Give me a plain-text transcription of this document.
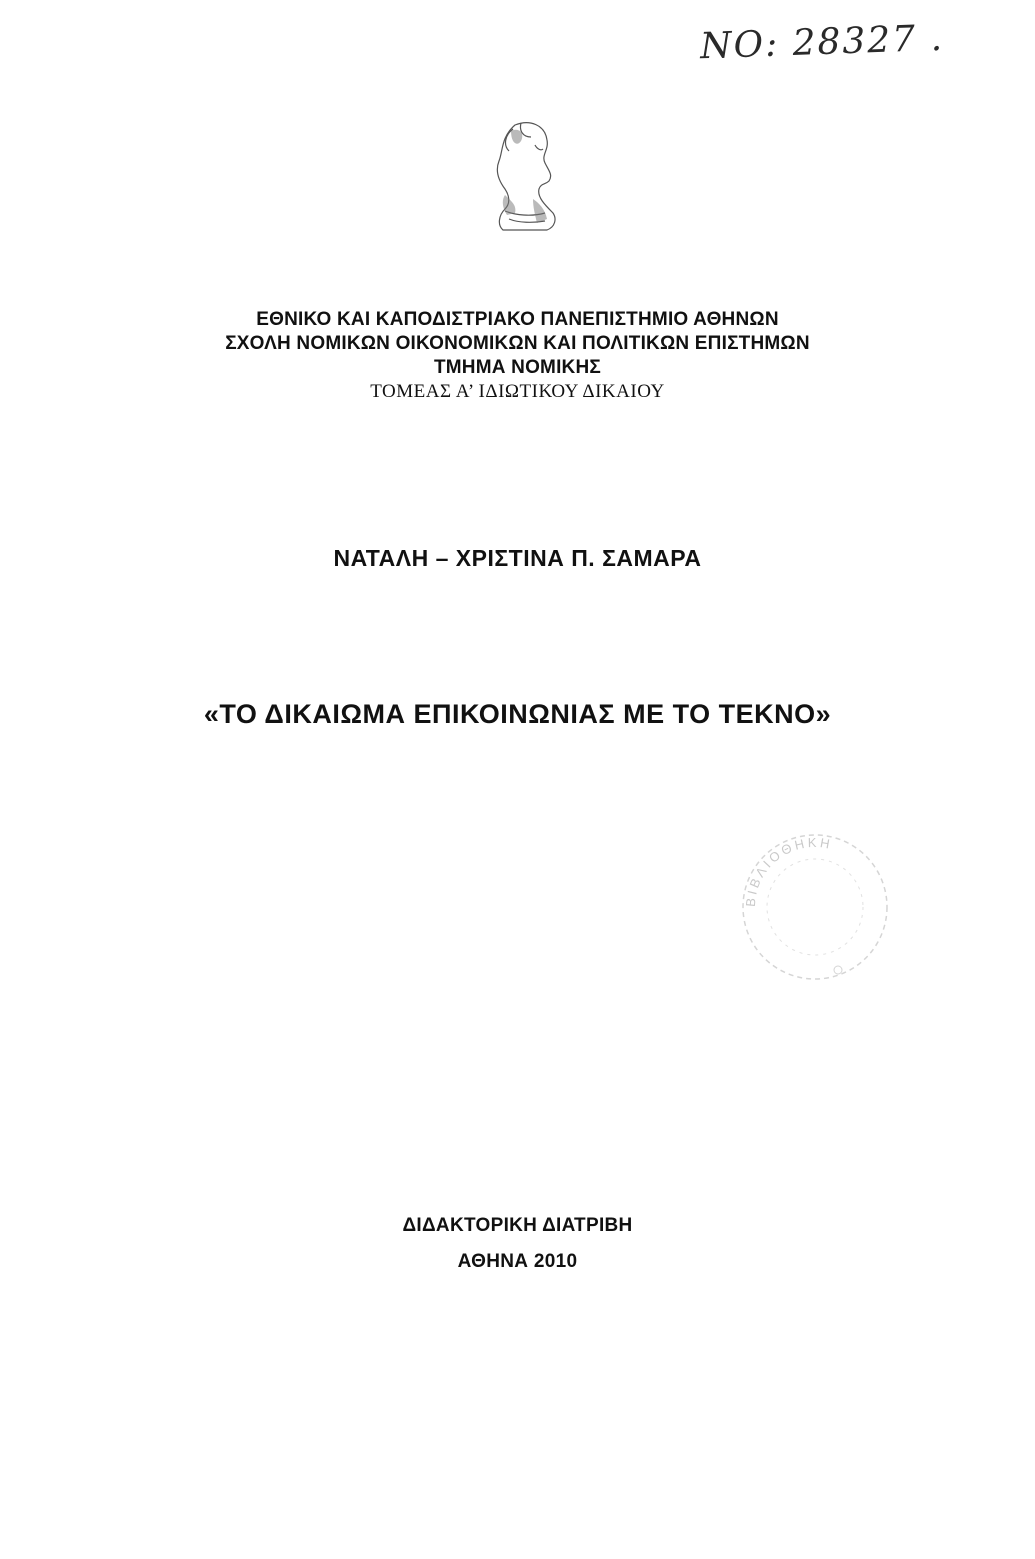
NO: 28327 .
ΕΘΝΙΚΟ ΚΑΙ ΚΑΠΟΔΙΣΤΡΙΑΚΟ ΠΑΝΕΠΙΣΤΗΜΙΟ ΑΘΗΝΩΝ
ΣΧΟΛΗ ΝΟΜΙΚΩΝ ΟΙΚΟΝΟΜΙΚΩΝ ΚΑΙ ΠΟΛΙΤΙΚΩΝ ΕΠΙΣΤΗΜΩΝ
ΤΜΗΜΑ ΝΟΜΙΚΗΣ
ΤΟΜΕΑΣ Α’ ΙΔΙΩΤΙΚΟΥ ΔΙΚΑΙΟΥ
ΝΑΤΑΛΗ – ΧΡΙΣΤΙΝΑ Π. ΣΑΜΑΡΑ
«ΤΟ ΔΙΚΑΙΩΜΑ ΕΠΙΚΟΙΝΩΝΙΑΣ ΜΕ ΤΟ ΤΕΚΝΟ»
ΒΙΒΛΙΟΘΗΚΗ
ΔΙΔΑΚΤΟΡΙΚΗ ΔΙΑΤΡΙΒΗ
ΑΘΗΝΑ 2010
